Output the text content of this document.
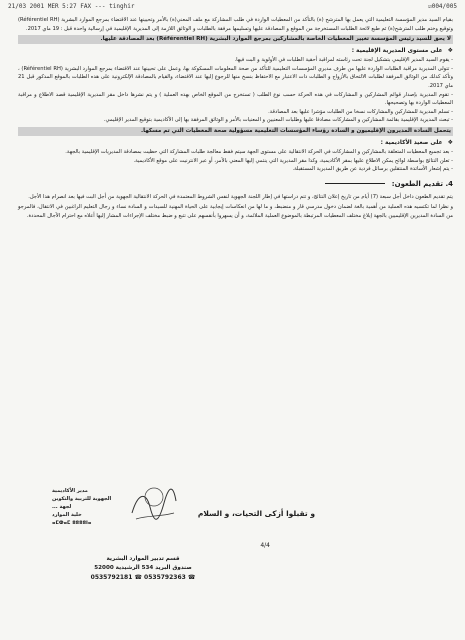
21/03 2001 MER 5:27 FAX --- tinghir	☑004/005

بقيام السيد مدير المؤسسة التعليمية التي يعمل بها المترشح (ة) بالتأكد من المعطيات الواردة في طلب المشاركة مع ملف المعني(ة) بالأمر وتحيينها عند الاقتضاء بمرجع الموارد البشرية (Référentiel RH) وتوقيع وختم طلب المترشح(ة) ثم طبع لائحة الطلبات المستخرجة من الموقع و المصادقة عليها وتسليمها مرفقة بالطلبات و الوثائق اللازمة إلى المديرية الإقليمية في إرسالية واحدة قبل : 19 ماي 2017.

لا يحق للسيد رئيس المؤسسة تغيير المعطيات الخاصة بالمشاركين بمرجع الموارد البشرية (Référentiel RH) بعد المصادقة عليها.
❖ على مستوى المديرية الإقليمية :
- يقوم السيد المدير الإقليمي بتشكيل لجنة تحت رئاسته لمراقبة أحقية الطلبات في الأولوية و البت فيها.
- تتولى المديرية مراقبة الطلبات الواردة عليها من طرف مديري المؤسسات التعليمية للتأكد من صحة المعلومات المسكوكة بها، وعمل على تحيينها عند الاقتضاء بمرجع الموارد البشرية (Référentiel RH) ، وتأكد كذلك من الوثائق المرفقة لطلبات الالتحاق بالأزواج و الطلبات ذات الاعتبار مع الاحتفاظ بنسخ منها للرجوع إليها عند الاقتضاء، والقيام بالمصادقة الإلكترونية على هذه الطلبات بالموقع المذكور قبل 21 ماي 2017.
- تقوم المديرية بإصدار قوائم المشاركين و المشاركات في هذه الحركة حسب نوع الطلب ( تستخرج من الموقع الخاص بهذه العملية ) و يتم نشرها داخل مقر المديرية الإقليمية قصد الاطلاع و مراقبة المعطيات الواردة بها وتصحيحها.
- تسلم المديرية للمشاركين والمشاركات نسخا من الطلبات مؤشرا عليها بعد المصادقة.
- تبعث المديرية الإقليمية بقائمة المشاركين و المشاركات مصادقا عليها وطلبات المعنيين و المعنيات بالأمر و الوثائق المرفقة بها إلى الأكاديمية بتوقيع المدير الإقليمي.
يتحمل السادة المديرون الإقليميون و السادة رؤساء المؤسسات التعليمية مسؤولية صحة المعطيات التي تم مسكها.
❖ على صعيد الأكاديمية :
- بعد تجميع المعطيات المتعلقة بالمشاركين و المشاركات في الحركة الانتقالية على مستوى الجهة سيتم فقط معالجة طلبات المشاركة التي حظيت بمصادقة المديريات الإقليمية بالجهة.
- تعلن النتائج بواسطة لوائح يمكن الاطلاع عليها بمقر الأكاديمية، وكذا مقر المديرية التي ينتمي إليها المعني بالأمر، أو عبر الانترنيت على موقع الأكاديمية.
- يتم إشعار الأساتذة المنتقلين برسائل فردية عن طريق المديرية المستقبلة.
4. تقديم الطعون:

يتم تقديم الطعون داخل أجل سبعة (7) أيام من تاريخ إعلان النتائج، و تتم دراستها في إطار اللجنة الجهوية لنفس الشروط المعتمدة في الحركة الانتقالية الجهوية من أجل البت فيها بعد انصرام هذا الأجل.

و نظرا لما تكتسيه هذه العملية من أهمية بالغة لضمان دخول مدرسي قار و منضبط، و ما لها من انعكاسات إيجابية على الحياة المهنية للسيدات و السادة نساء و رجال التعليم الراغبين في الانتقال، فالمرجو من السادة المديرين الإقليميين بالجهة إبلاغ مختلف المعطيات المرتبطة بالموضوع العملية الملائمة، و أن يسهروا بأنفسهم على تتبع و ضبط مختلف الإجراءات المشار إليها أعلاه مع احترام الآجال المحددة.

و تقبلوا أزكى التحيات، و السلام
مدير الأكاديمية
الجهوية للتربية والتكوين
لجهة ...
خلية الموارد
ⴰⵎⵀⴰⵎ ⵓⵓⵓⵓⵏⴰ
4/4
قسم تدبير الموارد البشرية
صندوق البريد 534 الرشيدية 52000
0535792181 ☎ 0535792363 ☎
